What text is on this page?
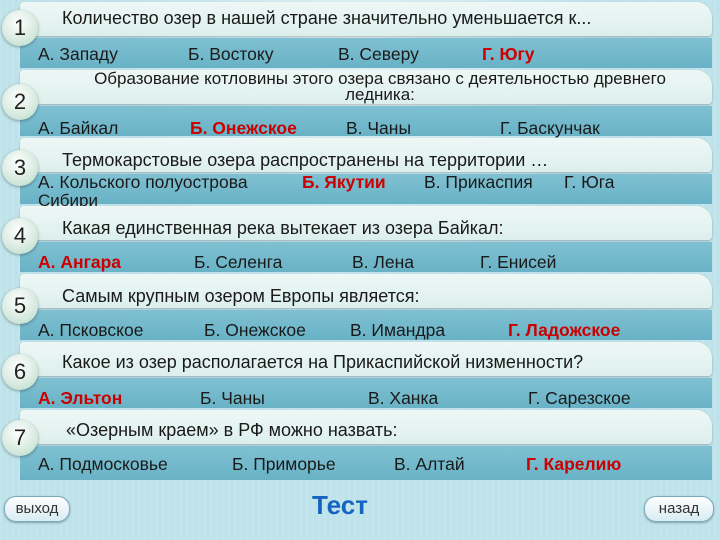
1	Количество озер в нашей стране значительно уменьшается к...
А. Западу	Б. Востоку	В. Северу	Г. Югу
2
Образование котловины этого озера связано с деятельностью древнего ледника:
А. Байкал	Б. Онежское	В. Чаны	Г. Баскунчак
3	Термокарстовые озера распространены на территории …
А. Кольского полуострова	Б. Якутии В. Прикаспия Г. Юга
4	Какая единственная река вытекает из озера Байкал:
А. Ангара	Б. Селенга	В. Лена	Г. Енисей
5	Самым крупным озером Европы является:
А. Псковское	Б. Онежское	В. Имандра	Г. Ладожское
6	Какое из озер располагается на Прикаспийской низменности?
А. Эльтон	Б. Чаны	В. Ханка	Г. Сарезское
7	«Озерным краем» в РФ можно назвать:
А. Подмосковье	Б. Приморье	В. Алтай	Г. Карелию
выход	Тест	назад
